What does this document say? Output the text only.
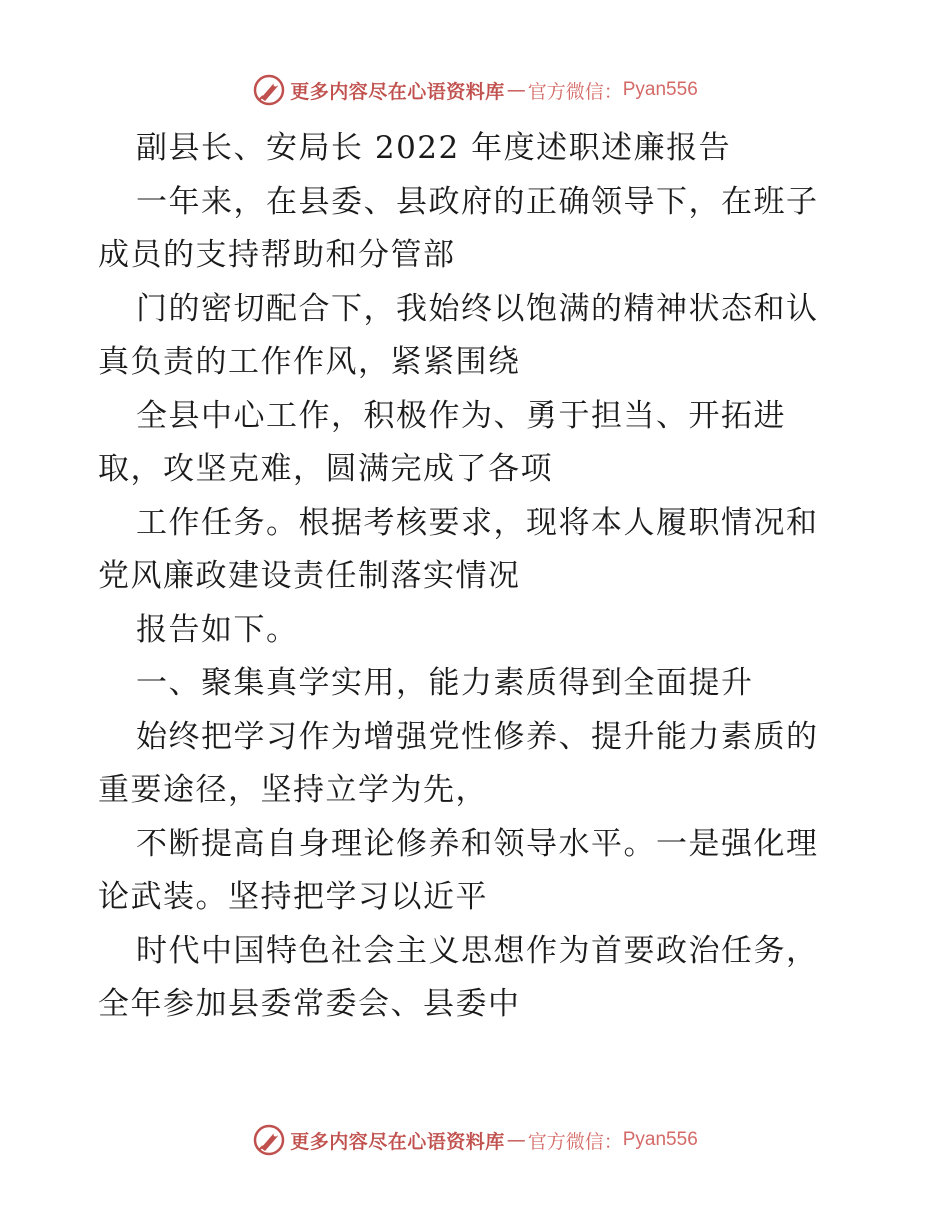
更多内容尽在心语资料库 — 官方微信： Pyan556
副县长、安局长 2022 年度述职述廉报告
一年来，在县委、县政府的正确领导下，在班子
成员的支持帮助和分管部
门的密切配合下，我始终以饱满的精神状态和认
真负责的工作作风，紧紧围绕
全县中心工作，积极作为、勇于担当、开拓进
取，攻坚克难，圆满完成了各项
工作任务。根据考核要求，现将本人履职情况和
党风廉政建设责任制落实情况
报告如下。
一、聚集真学实用，能力素质得到全面提升
始终把学习作为增强党性修养、提升能力素质的
重要途径，坚持立学为先，
不断提高自身理论修养和领导水平。一是强化理
论武装。坚持把学习以近平
时代中国特色社会主义思想作为首要政治任务，
全年参加县委常委会、县委中
更多内容尽在心语资料库 — 官方微信： Pyan556
